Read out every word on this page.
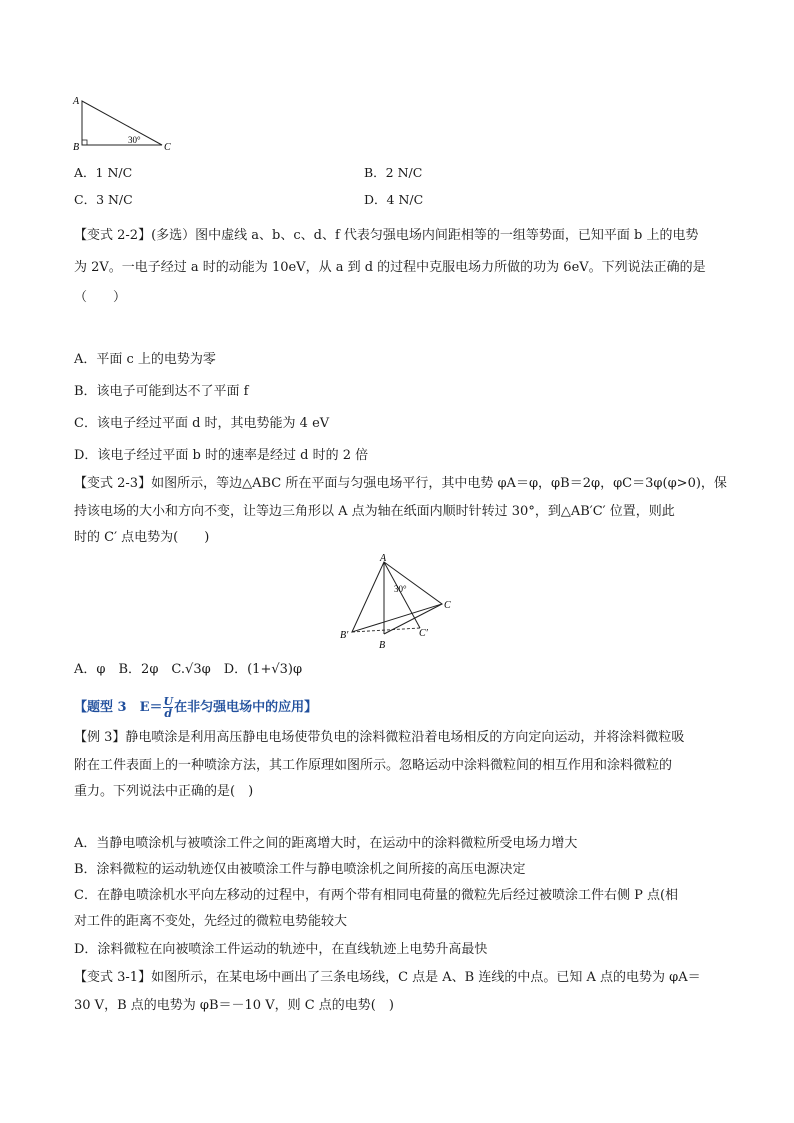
A
B	C
30°
A．1 N/C	B．2 N/C
C．3 N/C	D．4 N/C
【变式 2-2】(多选）图中虚线 a、b、c、d、f 代表匀强电场内间距相等的一组等势面，已知平面 b 上的电势
为 2V。一电子经过 a 时的动能为 10eV，从 a 到 d 的过程中克服电场力所做的功为 6eV。下列说法正确的是
（　　）
A．平面 c 上的电势为零
B．该电子可能到达不了平面 f
C．该电子经过平面 d 时，其电势能为 4 eV
D．该电子经过平面 b 时的速率是经过 d 时的 2 倍
【变式 2-3】如图所示，等边△ABC 所在平面与匀强电场平行，其中电势 φA＝φ，φB＝2φ，φC＝3φ(φ>0)，保
持该电场的大小和方向不变，让等边三角形以 A 点为轴在纸面内顺时针转过 30°，到△AB′C′ 位置，则此
时的 C′ 点电势为(　　)
A
B
C
B′	C′
30°
A．φ　B．2φ　C.√3φ　D．(1+√3)φ
【题型 3　$E= \frac{U}{d}$ 在非匀强电场中的应用】
【例 3】静电喷涂是利用高压静电电场使带负电的涂料微粒沿着电场相反的方向定向运动，并将涂料微粒吸
附在工件表面上的一种喷涂方法，其工作原理如图所示。忽略运动中涂料微粒间的相互作用和涂料微粒的
重力。下列说法中正确的是(　)
A．当静电喷涂机与被喷涂工件之间的距离增大时，在运动中的涂料微粒所受电场力增大
B．涂料微粒的运动轨迹仅由被喷涂工件与静电喷涂机之间所接的高压电源决定
C．在静电喷涂机水平向左移动的过程中，有两个带有相同电荷量的微粒先后经过被喷涂工件右侧 P 点(相
对工件的距离不变处，先经过的微粒电势能较大
D．涂料微粒在向被喷涂工件运动的轨迹中，在直线轨迹上电势升高最快
【变式 3-1】如图所示，在某电场中画出了三条电场线，C 点是 A、B 连线的中点。已知 A 点的电势为 φA＝
30 V，B 点的电势为 φB＝－10 V，则 C 点的电势(　)
